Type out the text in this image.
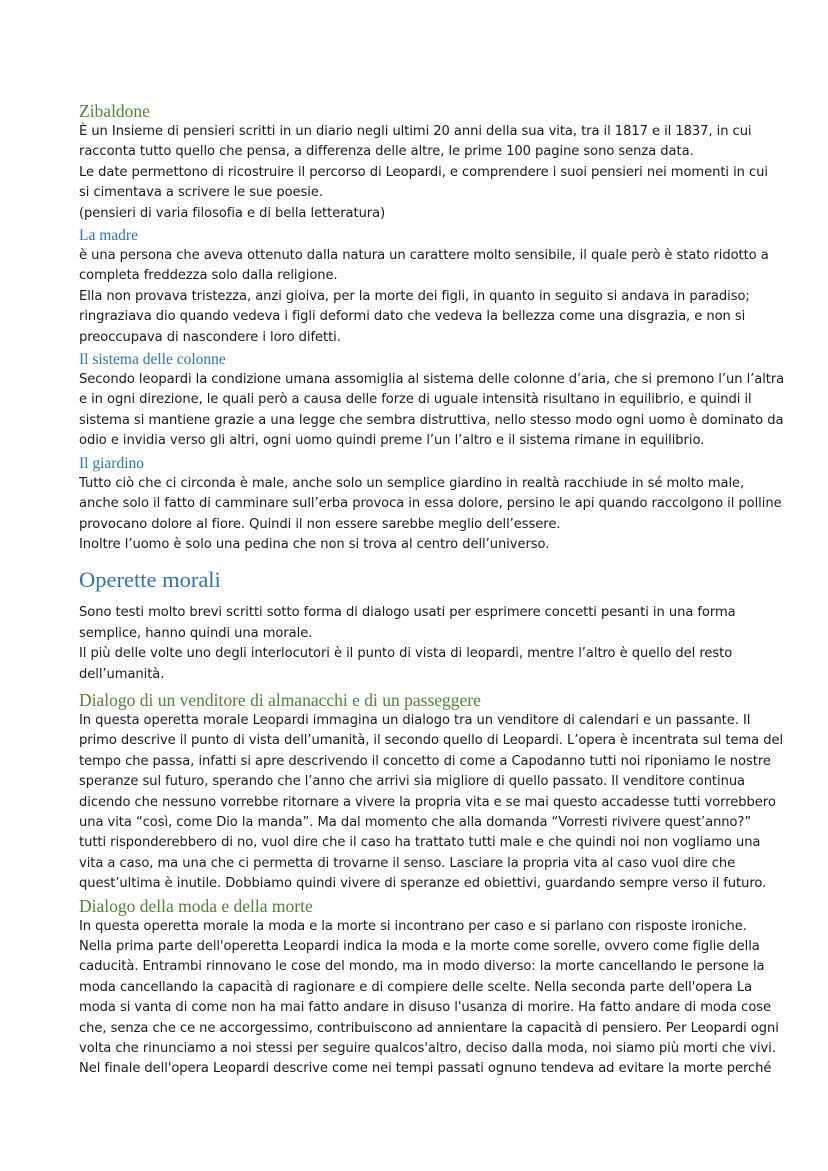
Zibaldone

È un Insieme di pensieri scritti in un diario negli ultimi 20 anni della sua vita, tra il 1817 e il 1837, in cui

racconta tutto quello che pensa, a differenza delle altre, le prime 100 pagine sono senza data.

Le date permettono di ricostruire il percorso di Leopardi, e comprendere i suoi pensieri nei momenti in cui

si cimentava a scrivere le sue poesie.

(pensieri di varia filosofia e di bella letteratura)

La madre

è una persona che aveva ottenuto dalla natura un carattere molto sensibile, il quale però è stato ridotto a

completa freddezza solo dalla religione.

Ella non provava tristezza, anzi gioiva, per la morte dei figli, in quanto in seguito si andava in paradiso;

ringraziava dio quando vedeva i figli deformi dato che vedeva la bellezza come una disgrazia, e non si

preoccupava di nascondere i loro difetti.

Il sistema delle colonne

Secondo leopardi la condizione umana assomiglia al sistema delle colonne d’aria, che si premono l’un l’altra

e in ogni direzione, le quali però a causa delle forze di uguale intensità risultano in equilibrio, e quindi il

sistema si mantiene grazie a una legge che sembra distruttiva, nello stesso modo ogni uomo è dominato da

odio e invidia verso gli altri, ogni uomo quindi preme l’un l’altro e il sistema rimane in equilibrio.

Il giardino

Tutto ciò che ci circonda è male, anche solo un semplice giardino in realtà racchiude in sé molto male,

anche solo il fatto di camminare sull’erba provoca in essa dolore, persino le api quando raccolgono il polline

provocano dolore al fiore. Quindi il non essere sarebbe meglio dell’essere.

Inoltre l’uomo è solo una pedina che non si trova al centro dell’universo.

Operette morali

Sono testi molto brevi scritti sotto forma di dialogo usati per esprimere concetti pesanti in una forma

semplice, hanno quindi una morale.

Il più delle volte uno degli interlocutori è il punto di vista di leopardi, mentre l’altro è quello del resto

dell’umanità.

Dialogo di un venditore di almanacchi e di un passeggere

In questa operetta morale Leopardi immagina un dialogo tra un venditore di calendari e un passante. Il

primo descrive il punto di vista dell’umanità, il secondo quello di Leopardi. L’opera è incentrata sul tema del

tempo che passa, infatti si apre descrivendo il concetto di come a Capodanno tutti noi riponiamo le nostre

speranze sul futuro, sperando che l’anno che arrivi sia migliore di quello passato. Il venditore continua

dicendo che nessuno vorrebbe ritornare a vivere la propria vita e se mai questo accadesse tutti vorrebbero

una vita “così, come Dio la manda”. Ma dal momento che alla domanda “Vorresti rivivere quest’anno?”

tutti risponderebbero di no, vuol dire che il caso ha trattato tutti male e che quindi noi non vogliamo una

vita a caso, ma una che ci permetta di trovarne il senso. Lasciare la propria vita al caso vuol dire che

quest’ultima è inutile. Dobbiamo quindi vivere di speranze ed obiettivi, guardando sempre verso il futuro.

Dialogo della moda e della morte

In questa operetta morale la moda e la morte si incontrano per caso e si parlano con risposte ironiche.

Nella prima parte dell'operetta Leopardi indica la moda e la morte come sorelle, ovvero come figlie della

caducità. Entrambi rinnovano le cose del mondo, ma in modo diverso: la morte cancellando le persone la

moda cancellando la capacità di ragionare e di compiere delle scelte. Nella seconda parte dell'opera La

moda si vanta di come non ha mai fatto andare in disuso l'usanza di morire. Ha fatto andare di moda cose

che, senza che ce ne accorgessimo, contribuiscono ad annientare la capacità di pensiero. Per Leopardi ogni

volta che rinunciamo a noi stessi per seguire qualcos'altro, deciso dalla moda, noi siamo più morti che vivi.

Nel finale dell'opera Leopardi descrive come nei tempi passati ognuno tendeva ad evitare la morte perché
